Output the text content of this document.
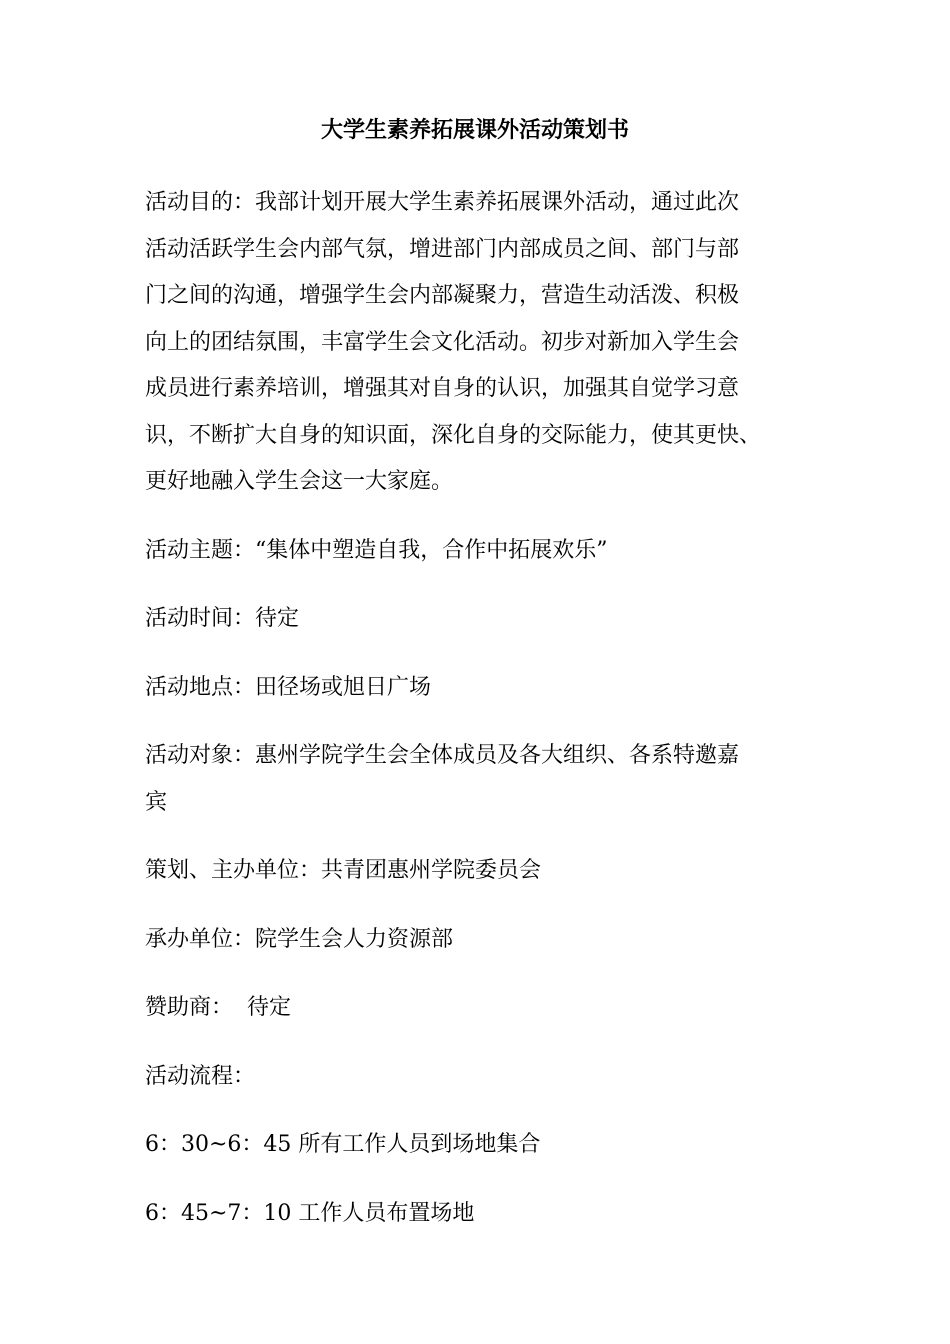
大学生素养拓展课外活动策划书

活动目的：我部计划开展大学生素养拓展课外活动，通过此次
活动活跃学生会内部气氛，增进部门内部成员之间、部门与部
门之间的沟通，增强学生会内部凝聚力，营造生动活泼、积极
向上的团结氛围，丰富学生会文化活动。初步对新加入学生会
成员进行素养培训，增强其对自身的认识，加强其自觉学习意
识，不断扩大自身的知识面，深化自身的交际能力，使其更快、
更好地融入学生会这一大家庭。

活动主题：“集体中塑造自我，合作中拓展欢乐”

活动时间：待定

活动地点：田径场或旭日广场

活动对象：惠州学院学生会全体成员及各大组织、各系特邀嘉
宾

策划、主办单位：共青团惠州学院委员会

承办单位：院学生会人力资源部

赞助商：  待定

活动流程：

6：30~6：45 所有工作人员到场地集合

6：45~7：10 工作人员布置场地
